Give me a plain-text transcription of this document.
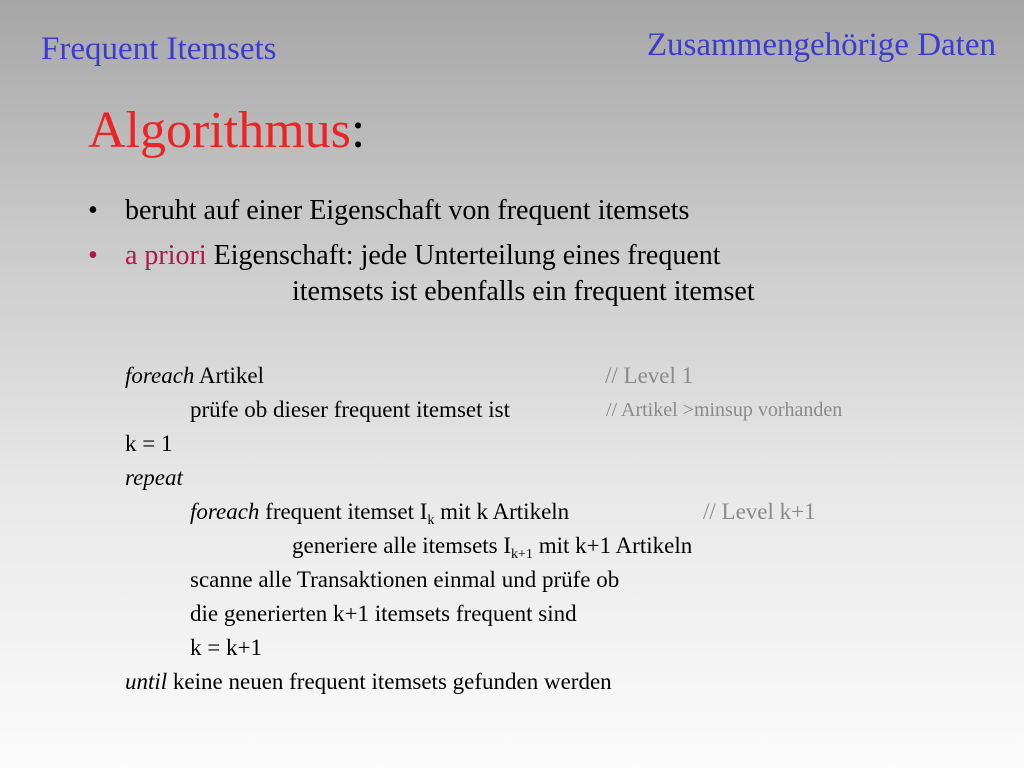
Frequent Itemsets	Zusammengehörige Daten
Algorithmus:
• beruht auf einer Eigenschaft von frequent itemsets
• a priori Eigenschaft: jede Unterteilung eines frequent
itemsets ist ebenfalls ein frequent itemset
foreach Artikel	// Level 1
prüfe ob dieser frequent itemset ist	// Artikel >minsup vorhanden
k = 1
repeat
foreach frequent itemset $I_k$ mit k Artikeln	// Level k+1
generiere alle itemsets $I_{k+1}$ mit k+1 Artikeln
scanne alle Transaktionen einmal und prüfe ob
die generierten k+1 itemsets frequent sind
k = k+1
until keine neuen frequent itemsets gefunden werden
